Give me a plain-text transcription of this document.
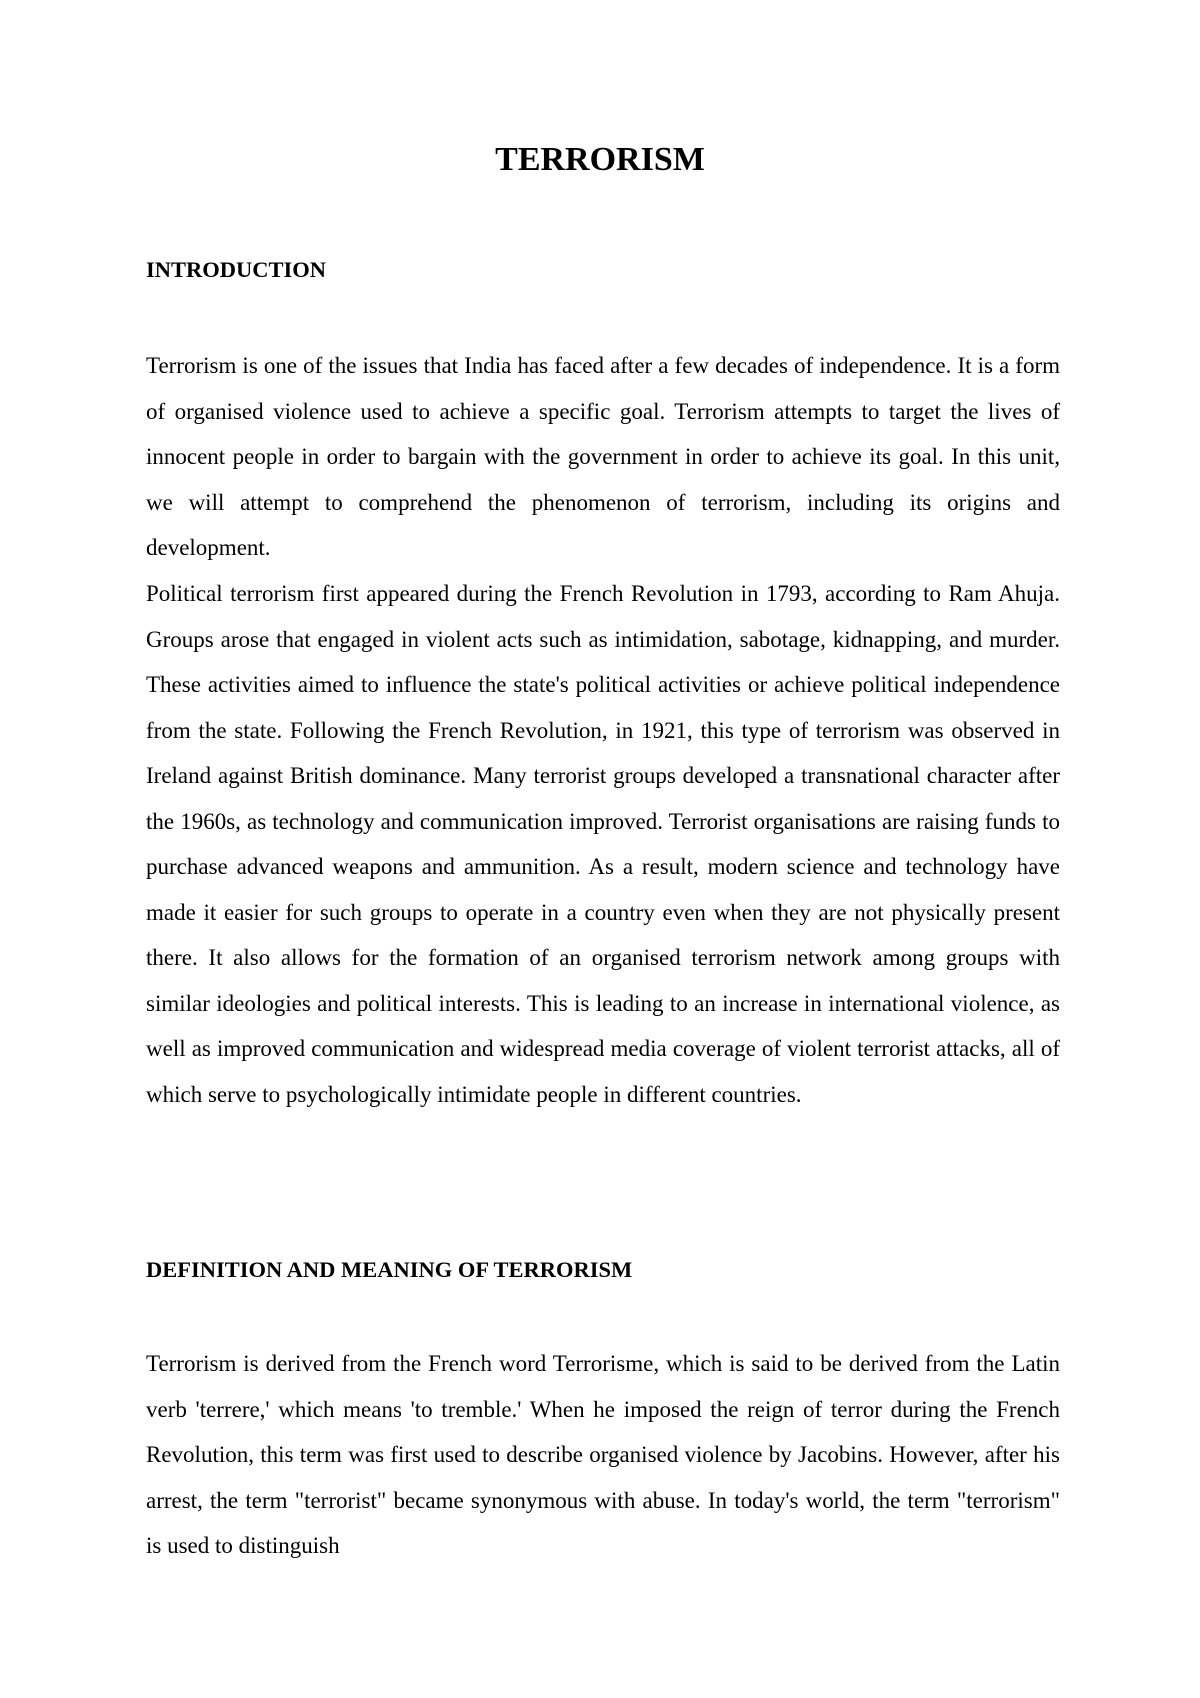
TERRORISM
INTRODUCTION

Terrorism is one of the issues that India has faced after a few decades of independence. It is a form of organised violence used to achieve a specific goal. Terrorism attempts to target the lives of innocent people in order to bargain with the government in order to achieve its goal. In this unit, we will attempt to comprehend the phenomenon of terrorism, including its origins and development.

Political terrorism first appeared during the French Revolution in 1793, according to Ram Ahuja. Groups arose that engaged in violent acts such as intimidation, sabotage, kidnapping, and murder. These activities aimed to influence the state's political activities or achieve political independence from the state. Following the French Revolution, in 1921, this type of terrorism was observed in Ireland against British dominance. Many terrorist groups developed a transnational character after the 1960s, as technology and communication improved. Terrorist organisations are raising funds to purchase advanced weapons and ammunition. As a result, modern science and technology have made it easier for such groups to operate in a country even when they are not physically present there. It also allows for the formation of an organised terrorism network among groups with similar ideologies and political interests. This is leading to an increase in international violence, as well as improved communication and widespread media coverage of violent terrorist attacks, all of which serve to psychologically intimidate people in different countries.

DEFINITION AND MEANING OF TERRORISM

Terrorism is derived from the French word Terrorisme, which is said to be derived from the Latin verb 'terrere,' which means 'to tremble.' When he imposed the reign of terror during the French Revolution, this term was first used to describe organised violence by Jacobins. However, after his arrest, the term "terrorist" became synonymous with abuse. In today's world, the term "terrorism" is used to distinguish
